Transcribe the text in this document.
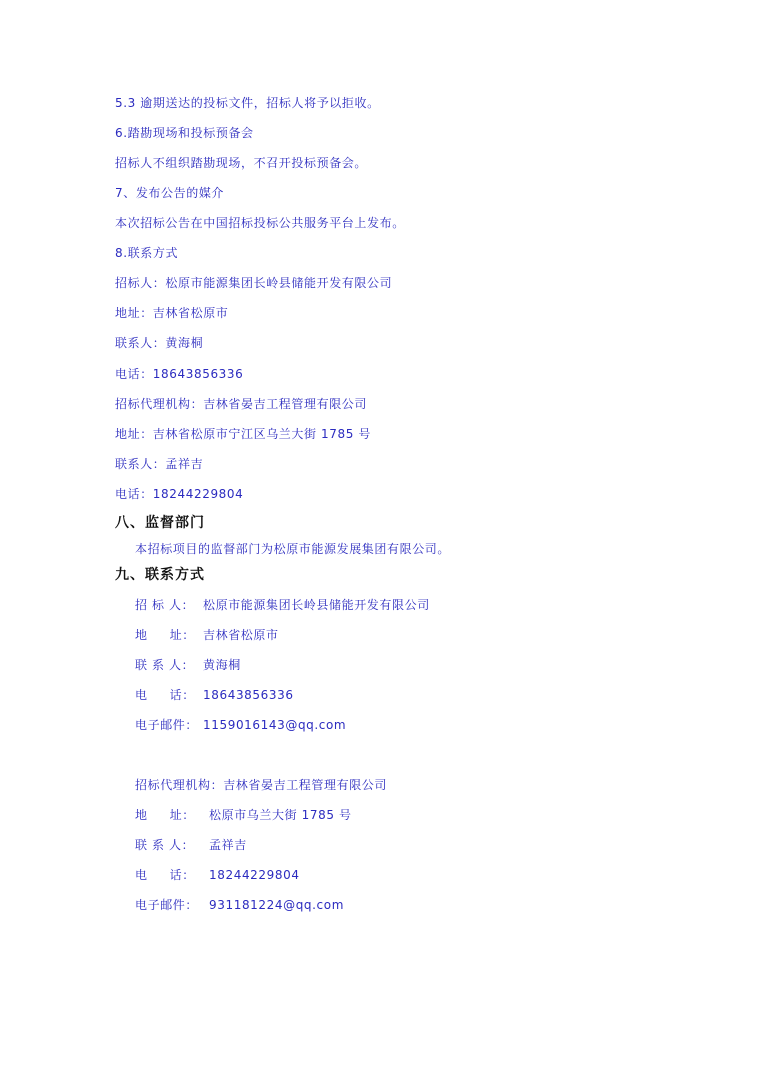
5.3 逾期送达的投标文件，招标人将予以拒收。
6.踏勘现场和投标预备会
招标人不组织踏勘现场，不召开投标预备会。
7、发布公告的媒介
本次招标公告在中国招标投标公共服务平台上发布。
8.联系方式
招标人：松原市能源集团长岭县储能开发有限公司
地址：吉林省松原市
联系人：黄海桐
电话：18643856336
招标代理机构：吉林省晏吉工程管理有限公司
地址：吉林省松原市宁江区乌兰大街 1785 号
联系人：孟祥吉
电话：18244229804
八、监督部门
本招标项目的监督部门为松原市能源发展集团有限公司。
九、联系方式
招 标 人： 松原市能源集团长岭县储能开发有限公司
地     址： 吉林省松原市
联 系 人： 黄海桐
电     话： 18643856336
电子邮件： 1159016143@qq.com
招标代理机构： 吉林省晏吉工程管理有限公司
地     址：	松原市乌兰大街 1785 号
联 系 人：	孟祥吉
电     话：	18244229804
电子邮件： 931181224@qq.com
